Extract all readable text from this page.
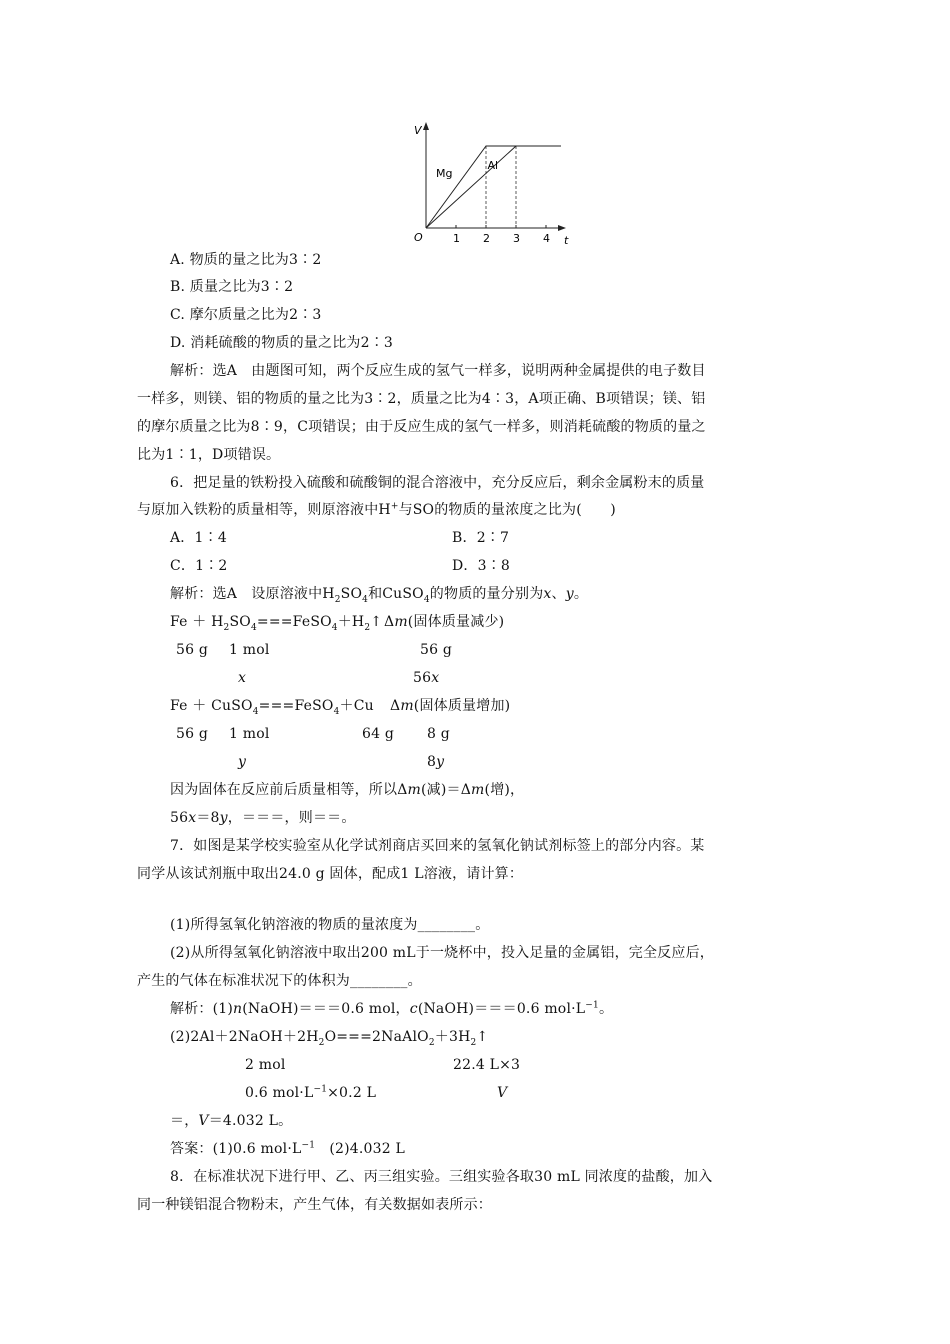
t
V
O	1 2 3 4
Mg
Al
A. 物质的量之比为3∶2
B. 质量之比为3∶2
C. 摩尔质量之比为2∶3
D. 消耗硫酸的物质的量之比为2∶3
解析：选A　由题图可知，两个反应生成的氢气一样多，说明两种金属提供的电子数目
一样多，则镁、铝的物质的量之比为3∶2，质量之比为4∶3，A项正确、B项错误；镁、铝
的摩尔质量之比为8∶9，C项错误；由于反应生成的氢气一样多，则消耗硫酸的物质的量之
比为1∶1，D项错误。
6．把足量的铁粉投入硫酸和硫酸铜的混合溶液中，充分反应后，剩余金属粉末的质量
与原加入铁粉的质量相等，则原溶液中H+与SO的物质的量浓度之比为(　　)
A．1∶4	B．2∶7
C．1∶2	D．3∶8
解析：选A　设原溶液中$H_2SO_4$和CuSO$_4$的物质的量分别为x、y。
$Fe + H_2SO_4===FeSO_4+H_2↑$ Δm(固体质量减少)
56 g 1 mol	56 g
x	56x
Fe ＋ CuSO$_4$===FeSO$_4$＋Cu Δm(固体质量增加)
56 g 1 mol	64 g 8 g
y	8y
因为固体在反应前后质量相等，所以Δm(减)＝Δm(增)，
56x＝8y，＝＝＝，则＝＝。
7．如图是某学校实验室从化学试剂商店买回来的氢氧化钠试剂标签上的部分内容。某
同学从该试剂瓶中取出24.0 g 固体，配成1 L溶液，请计算：
(1)所得氢氧化钠溶液的物质的量浓度为________。
(2)从所得氢氧化钠溶液中取出200 mL于一烧杯中，投入足量的金属铝，完全反应后，
产生的气体在标准状况下的体积为________。
解析：(1)n(NaOH)＝＝＝0.6 mol，c(NaOH)＝＝＝0.6 $mol\cdot L^{-1}$。
$(2)2Al+2NaOH+2H_2O===2NaAlO_2+3H_2↑$
2 mol	22.4 L×3
0.6 $mol\cdot L^{-1}\times 0.2$ L	V
＝，V＝4.032 L。
答案：(1)0.6 $mol\cdot L^{-1}$　(2)4.032 L
8．在标准状况下进行甲、乙、丙三组实验。三组实验各取30 mL 同浓度的盐酸，加入
同一种镁铝混合物粉末，产生气体，有关数据如表所示：
